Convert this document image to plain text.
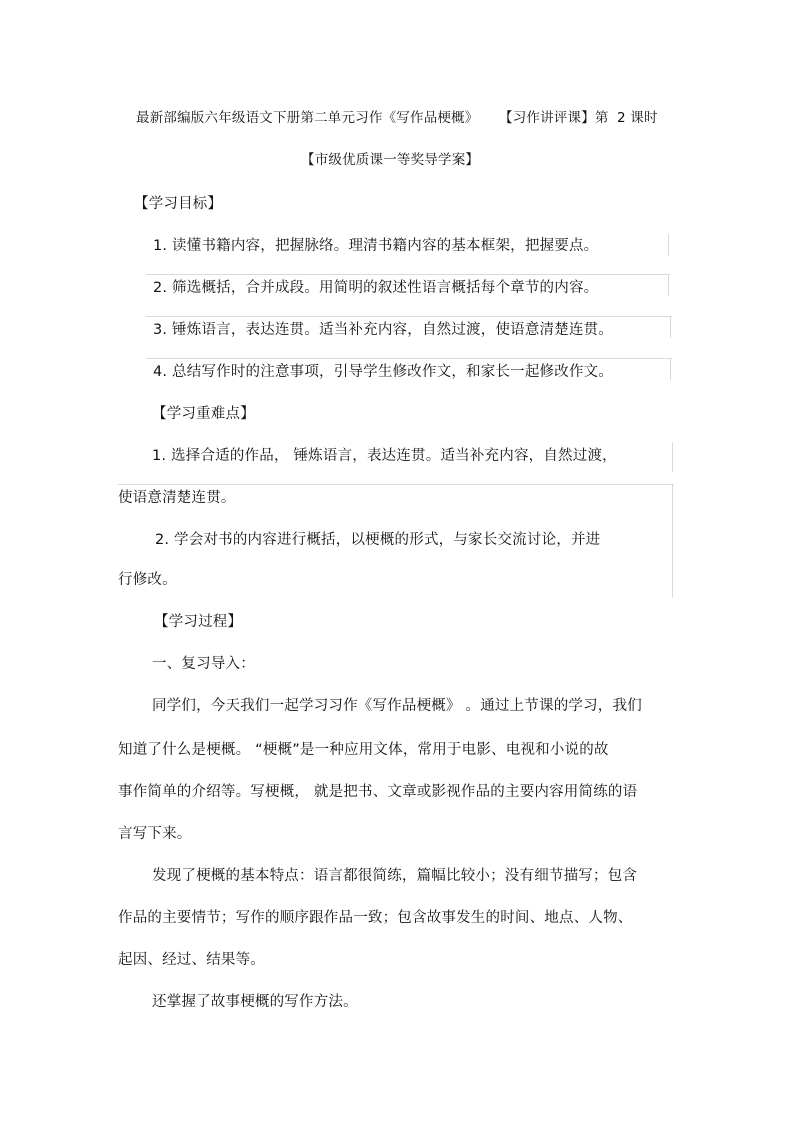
最新部编版六年级语文下册第二单元习作《写作品梗概》 【习作讲评课】第 2 课时
【市级优质课一等奖导学案】
【学习目标】
1. 读懂书籍内容，把握脉络。理清书籍内容的基本框架，把握要点。
2. 筛选概括，合并成段。用简明的叙述性语言概括每个章节的内容。
3. 锤炼语言，表达连贯。适当补充内容，自然过渡，使语意清楚连贯。
4. 总结写作时的注意事项，引导学生修改作文，和家长一起修改作文。
【学习重难点】
1. 选择合适的作品， 锤炼语言，表达连贯。适当补充内容，自然过渡，
使语意清楚连贯。
2. 学会对书的内容进行概括，以梗概的形式，与家长交流讨论，并进
行修改。
【学习过程】
一、复习导入：
同学们，今天我们一起学习习作《写作品梗概》 。通过上节课的学习，我们
知道了什么是梗概。 “梗概”是一种应用文体，常用于电影、电视和小说的故
事作简单的介绍等。写梗概， 就是把书、文章或影视作品的主要内容用简练的语
言写下来。
发现了梗概的基本特点：语言都很简练，篇幅比较小；没有细节描写；包含
作品的主要情节；写作的顺序跟作品一致；包含故事发生的时间、地点、人物、
起因、经过、结果等。
还掌握了故事梗概的写作方法。
